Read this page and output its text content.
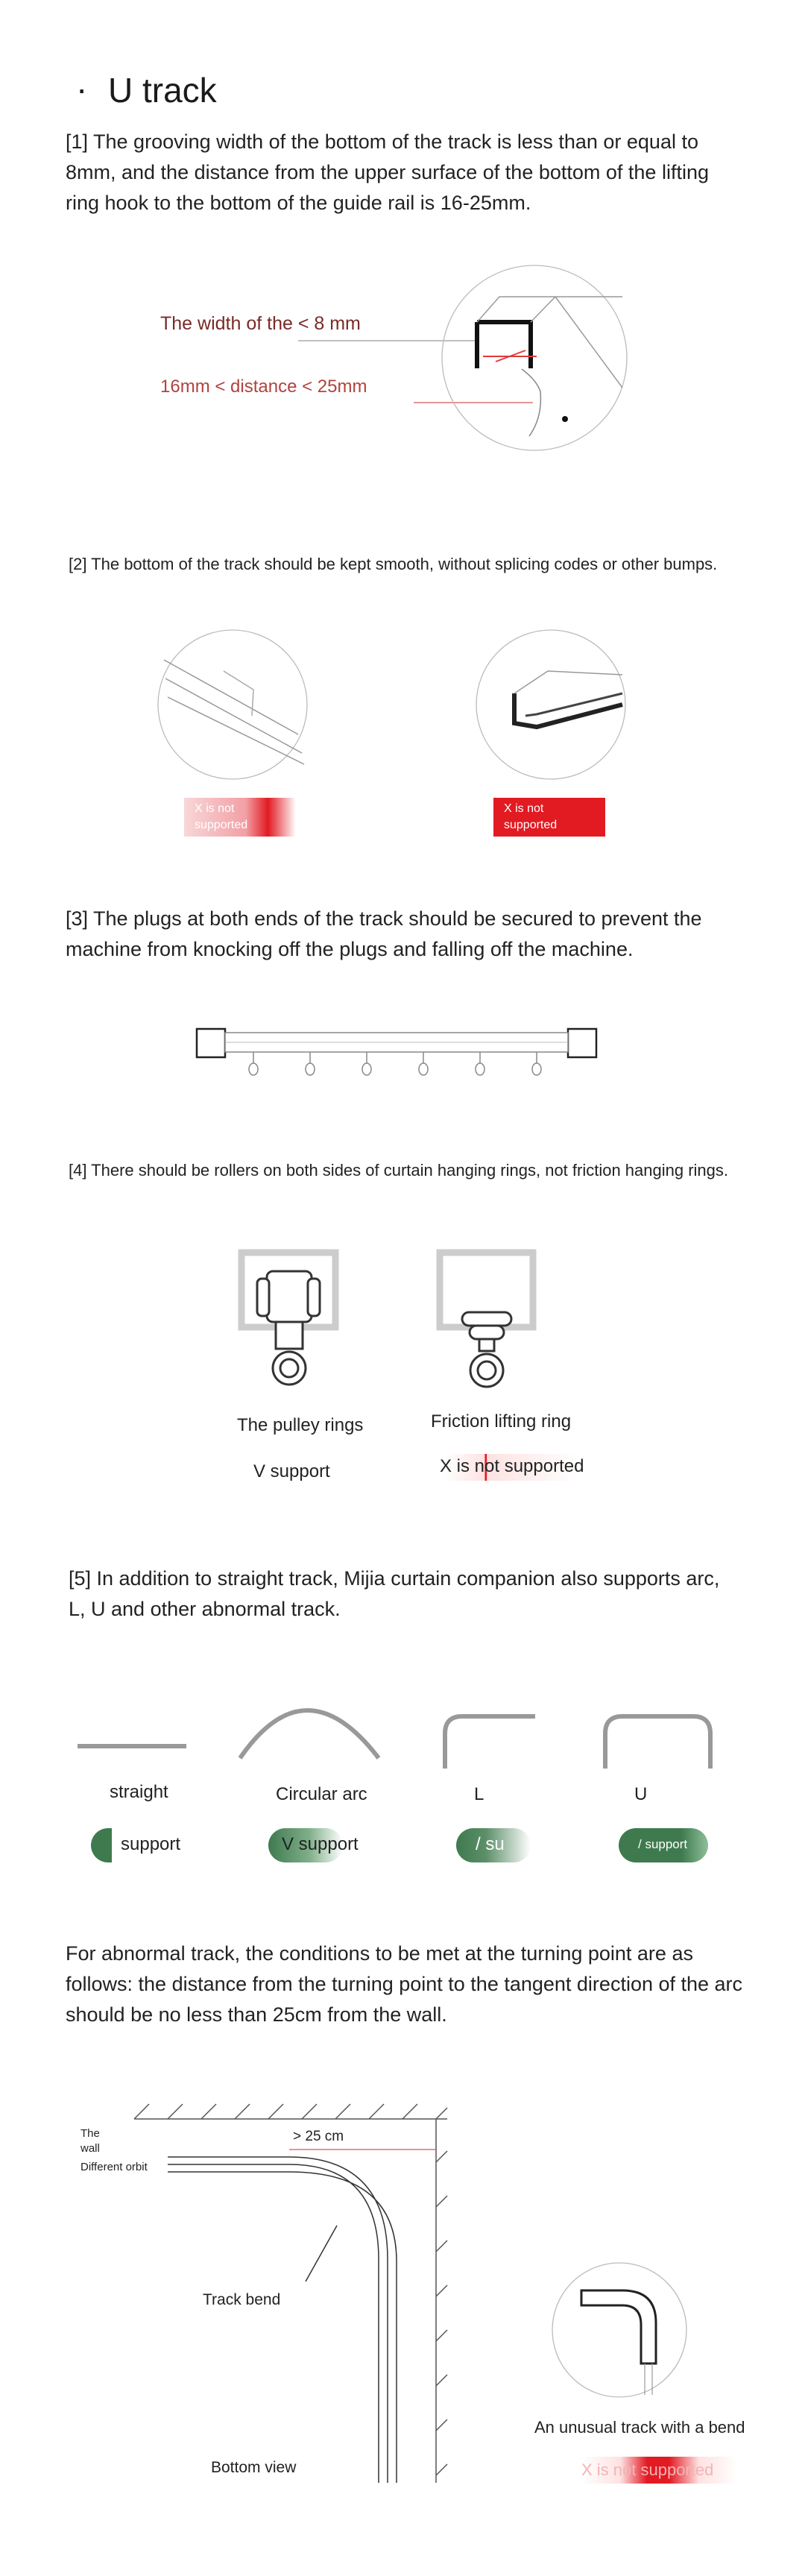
· U track
[1] The grooving width of the bottom of the track is less than or equal to 8mm, and the distance from the upper surface of the bottom of the lifting ring hook to the bottom of the guide rail is 16-25mm.
The width of the < 8 mm
16mm < distance < 25mm
[2] The bottom of the track should be kept smooth, without splicing codes or other bumps.
X is not supported
X is not supported
[3] The plugs at both ends of the track should be secured to prevent the machine from knocking off the plugs and falling off the machine.
[4] There should be rollers on both sides of curtain hanging rings, not friction hanging rings.
The pulley rings
V support
Friction lifting ring
X is not supported
[5] In addition to straight track, Mijia curtain companion also supports arc, L, U and other abnormal track.
straight	Circular arc	L	U
support	V support	/ su	/ support
For abnormal track, the conditions to be met at the turning point are as follows: the distance from the turning point to the tangent direction of the arc should be no less than 25cm from the wall.
The
wall
Different orbit
> 25 cm
Track bend
Bottom view
An unusual track with a bend
X is not supported
